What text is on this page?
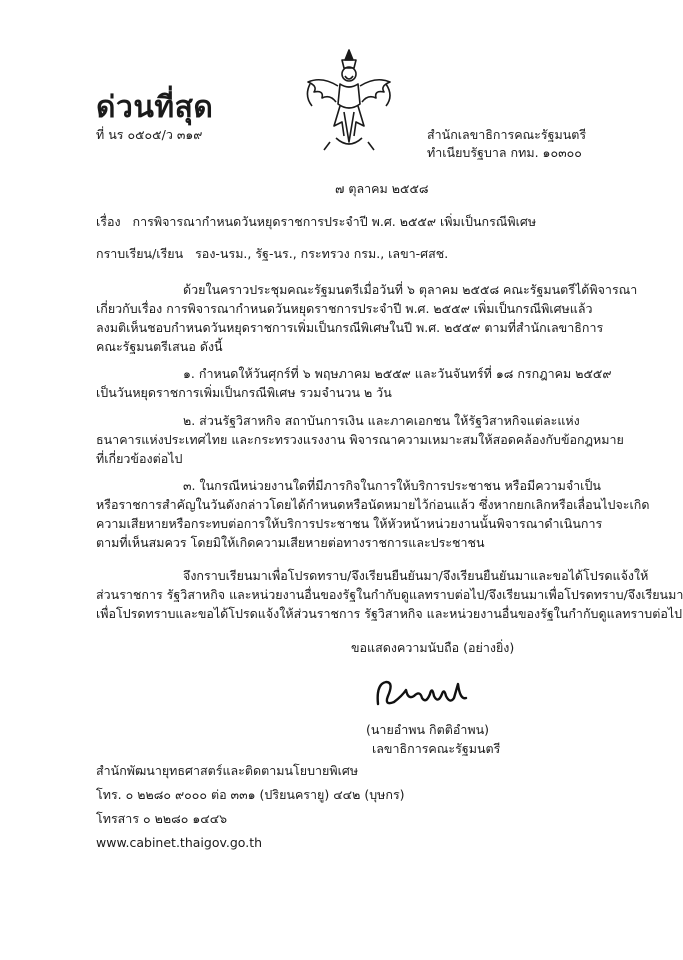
ด่วนที่สุด
ที่ นร ๐๕๐๕/ว ๓๑๙	สำนักเลขาธิการคณะรัฐมนตรี
ทำเนียบรัฐบาล กทม. ๑๐๓๐๐
๗ ตุลาคม ๒๕๕๘
เรื่อง การพิจารณากำหนดวันหยุดราชการประจำปี พ.ศ. ๒๕๕๙ เพิ่มเป็นกรณีพิเศษ
กราบเรียน/เรียน รอง-นรม., รัฐ-นร., กระทรวง กรม., เลขา-ศสช.
ด้วยในคราวประชุมคณะรัฐมนตรีเมื่อวันที่ ๖ ตุลาคม ๒๕๕๘ คณะรัฐมนตรีได้พิจารณา
เกี่ยวกับเรื่อง การพิจารณากำหนดวันหยุดราชการประจำปี พ.ศ. ๒๕๕๙ เพิ่มเป็นกรณีพิเศษแล้ว
ลงมติเห็นชอบกำหนดวันหยุดราชการเพิ่มเป็นกรณีพิเศษในปี พ.ศ. ๒๕๕๙ ตามที่สำนักเลขาธิการ
คณะรัฐมนตรีเสนอ ดังนี้
๑. กำหนดให้วันศุกร์ที่ ๖ พฤษภาคม ๒๕๕๙ และวันจันทร์ที่ ๑๘ กรกฎาคม ๒๕๕๙
เป็นวันหยุดราชการเพิ่มเป็นกรณีพิเศษ รวมจำนวน ๒ วัน
๒. ส่วนรัฐวิสาหกิจ สถาบันการเงิน และภาคเอกชน ให้รัฐวิสาหกิจแต่ละแห่ง
ธนาคารแห่งประเทศไทย และกระทรวงแรงงาน พิจารณาความเหมาะสมให้สอดคล้องกับข้อกฎหมาย
ที่เกี่ยวข้องต่อไป
๓. ในกรณีหน่วยงานใดที่มีภารกิจในการให้บริการประชาชน หรือมีความจำเป็น
หรือราชการสำคัญในวันดังกล่าวโดยได้กำหนดหรือนัดหมายไว้ก่อนแล้ว ซึ่งหากยกเลิกหรือเลื่อนไปจะเกิด
ความเสียหายหรือกระทบต่อการให้บริการประชาชน ให้หัวหน้าหน่วยงานนั้นพิจารณาดำเนินการ
ตามที่เห็นสมควร โดยมิให้เกิดความเสียหายต่อทางราชการและประชาชน
จึงกราบเรียนมาเพื่อโปรดทราบ/จึงเรียนยืนยันมา/จึงเรียนยืนยันมาและขอได้โปรดแจ้งให้
ส่วนราชการ รัฐวิสาหกิจ และหน่วยงานอื่นของรัฐในกำกับดูแลทราบต่อไป/จึงเรียนมาเพื่อโปรดทราบ/จึงเรียนมา
เพื่อโปรดทราบและขอได้โปรดแจ้งให้ส่วนราชการ รัฐวิสาหกิจ และหน่วยงานอื่นของรัฐในกำกับดูแลทราบต่อไป
ขอแสดงความนับถือ (อย่างยิ่ง)
(นายอำพน กิตติอำพน)
เลขาธิการคณะรัฐมนตรี
สำนักพัฒนายุทธศาสตร์และติดตามนโยบายพิเศษ
โทร. ๐ ๒๒๘๐ ๙๐๐๐ ต่อ ๓๓๑ (ปริยนครายู) ๔๔๒ (บุษกร)
โทรสาร ๐ ๒๒๘๐ ๑๔๔๖
www.cabinet.thaigov.go.th
